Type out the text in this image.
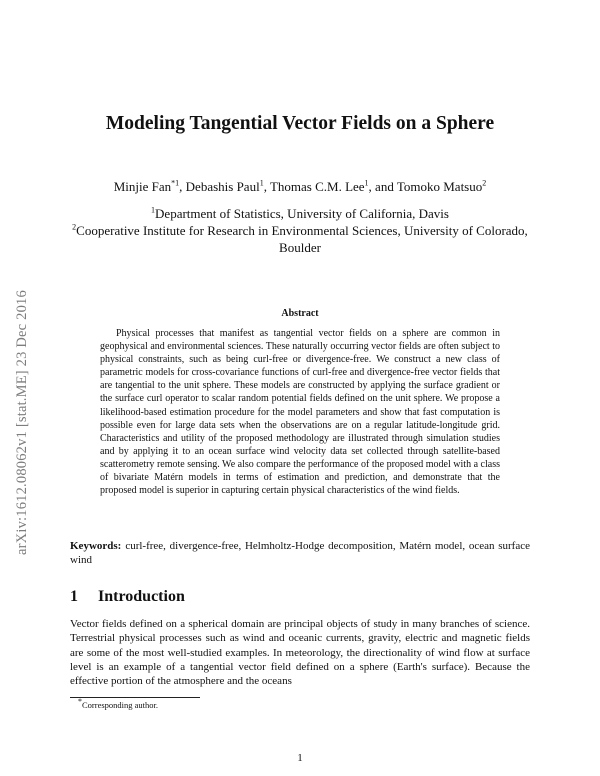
arXiv:1612.08062v1 [stat.ME] 23 Dec 2016
Modeling Tangential Vector Fields on a Sphere
Minjie Fan$^{*1}$, Debashis Paul$^1$, Thomas C.M. Lee$^1$, and Tomoko Matsuo$^2$
$^1$Department of Statistics, University of California, Davis
$^2$Cooperative Institute for Research in Environmental Sciences, University of Colorado, Boulder
Abstract

Physical processes that manifest as tangential vector fields on a sphere are common in geophysical and environmental sciences. These naturally occurring vector fields are often subject to physical constraints, such as being curl-free or divergence-free. We construct a new class of parametric models for cross-covariance functions of curl-free and divergence-free vector fields that are tangential to the unit sphere. These models are constructed by applying the surface gradient or the surface curl operator to scalar random potential fields defined on the unit sphere. We propose a likelihood-based estimation procedure for the model parameters and show that fast computation is possible even for large data sets when the observations are on a regular latitude-longitude grid. Characteristics and utility of the proposed methodology are illustrated through simulation studies and by applying it to an ocean surface wind velocity data set collected through satellite-based scatterometry remote sensing. We also compare the performance of the proposed model with a class of bivariate Matérn models in terms of estimation and prediction, and demonstrate that the proposed model is superior in capturing certain physical characteristics of the wind fields.

Keywords: curl-free, divergence-free, Helmholtz-Hodge decomposition, Matérn model, ocean surface wind

1 Introduction

Vector fields defined on a spherical domain are principal objects of study in many branches of science. Terrestrial physical processes such as wind and oceanic currents, gravity, electric and magnetic fields are some of the most well-studied examples. In meteorology, the directionality of wind flow at surface level is an example of a tangential vector field defined on a sphere (Earth's surface). Because the effective portion of the atmosphere and the oceans

*Corresponding author.
1
